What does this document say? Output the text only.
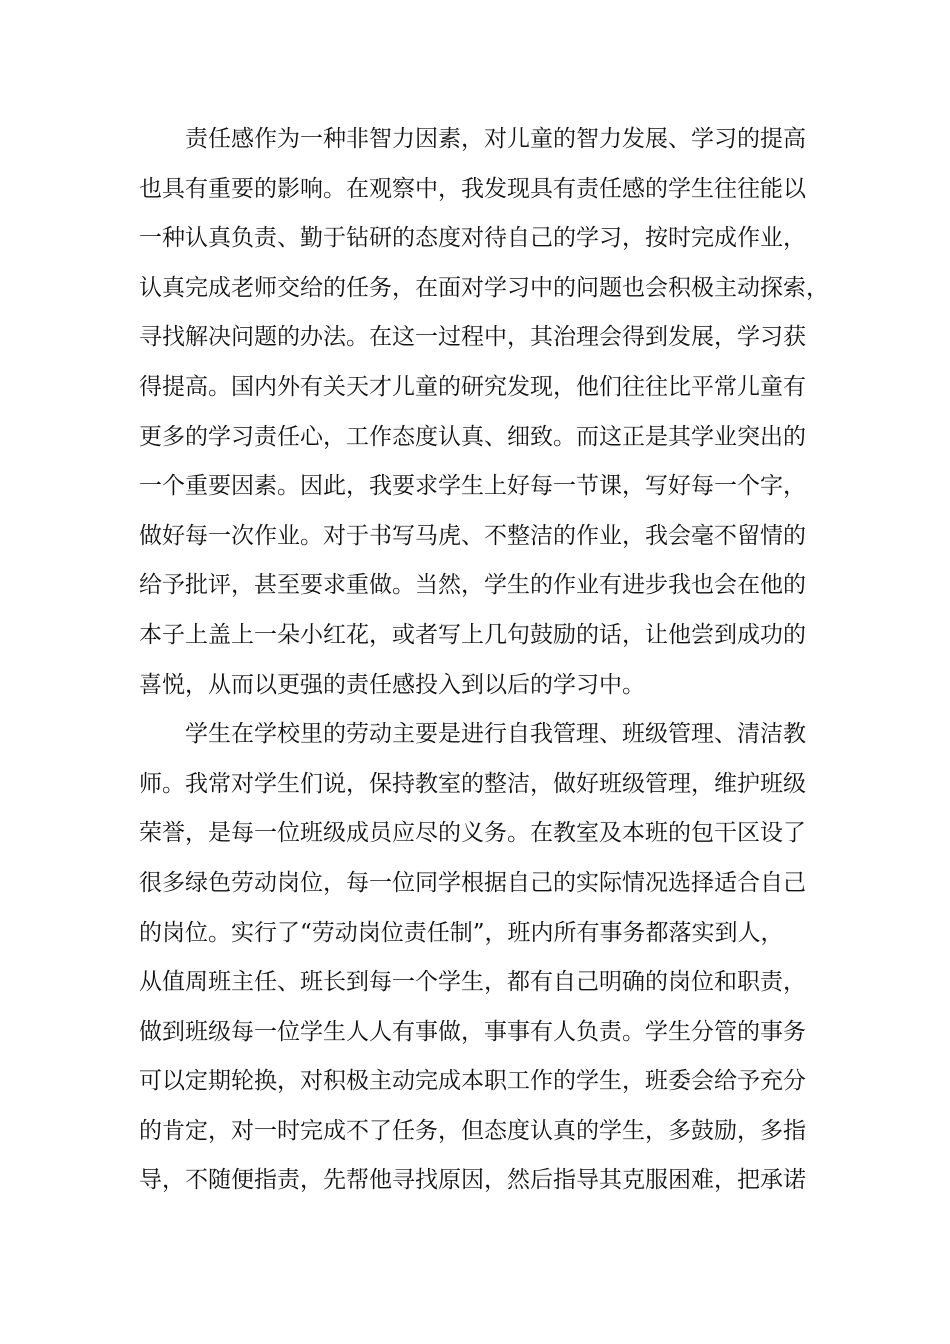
责任感作为一种非智力因素，对儿童的智力发展、学习的提高
也具有重要的影响。在观察中，我发现具有责任感的学生往往能以
一种认真负责、勤于钻研的态度对待自己的学习，按时完成作业，
认真完成老师交给的任务，在面对学习中的问题也会积极主动探索，
寻找解决问题的办法。在这一过程中，其治理会得到发展，学习获
得提高。国内外有关天才儿童的研究发现，他们往往比平常儿童有
更多的学习责任心，工作态度认真、细致。而这正是其学业突出的
一个重要因素。因此，我要求学生上好每一节课，写好每一个字，
做好每一次作业。对于书写马虎、不整洁的作业，我会毫不留情的
给予批评，甚至要求重做。当然，学生的作业有进步我也会在他的
本子上盖上一朵小红花，或者写上几句鼓励的话，让他尝到成功的
喜悦，从而以更强的责任感投入到以后的学习中。
学生在学校里的劳动主要是进行自我管理、班级管理、清洁教
师。我常对学生们说，保持教室的整洁，做好班级管理，维护班级
荣誉，是每一位班级成员应尽的义务。在教室及本班的包干区设了
很多绿色劳动岗位，每一位同学根据自己的实际情况选择适合自己
的岗位。实行了“劳动岗位责任制”，班内所有事务都落实到人，
从值周班主任、班长到每一个学生，都有自己明确的岗位和职责，
做到班级每一位学生人人有事做，事事有人负责。学生分管的事务
可以定期轮换，对积极主动完成本职工作的学生，班委会给予充分
的肯定，对一时完成不了任务，但态度认真的学生，多鼓励，多指
导，不随便指责，先帮他寻找原因，然后指导其克服困难，把承诺
